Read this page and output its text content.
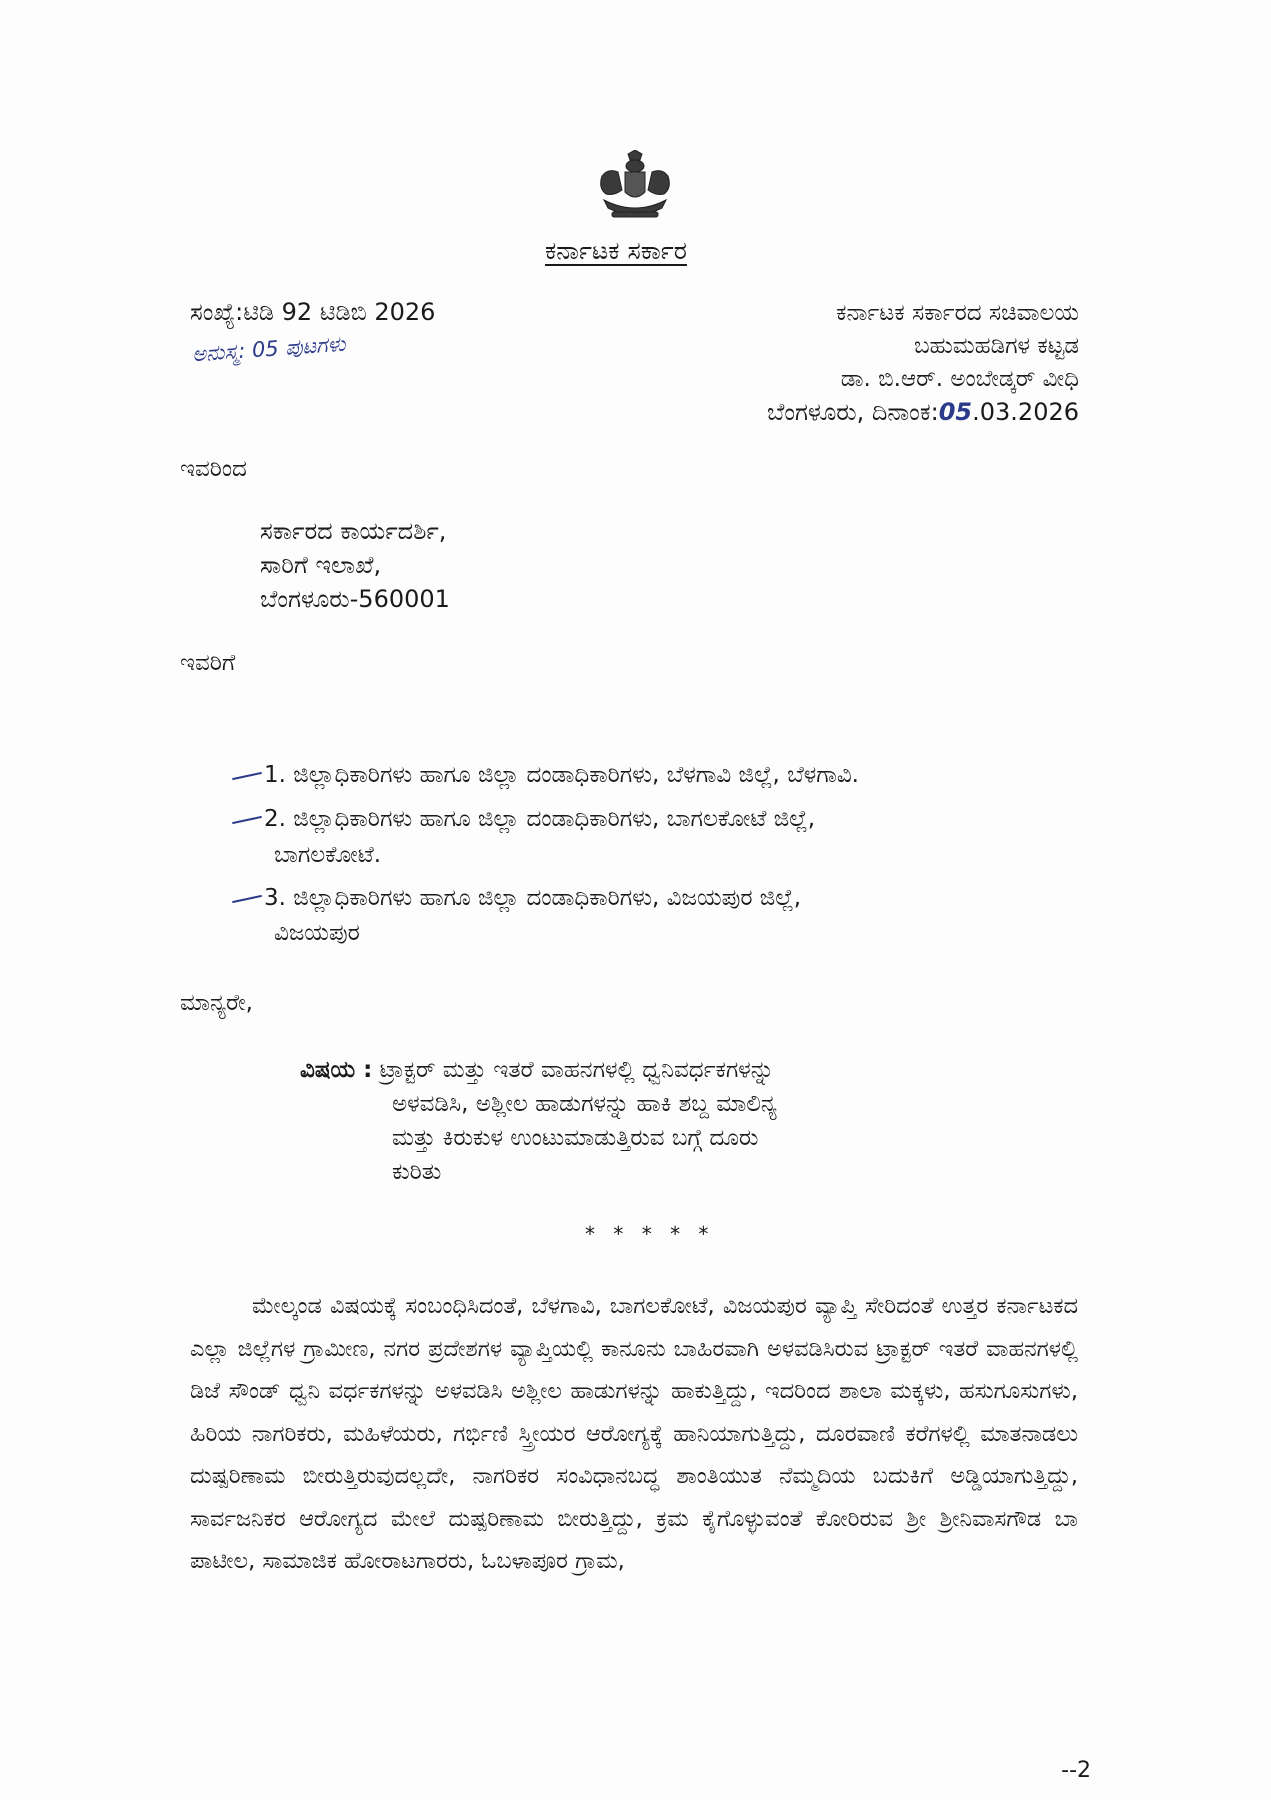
ಕರ್ನಾಟಕ ಸರ್ಕಾರ
ಸಂಖ್ಯೆ:ಟಿಡಿ 92 ಟಿಡಿಬಿ 2026
ಅನುಸ್ಮ: 05 ಪುಟಗಳು
ಕರ್ನಾಟಕ ಸರ್ಕಾರದ ಸಚಿವಾಲಯ
ಬಹುಮಹಡಿಗಳ ಕಟ್ಟಡ
ಡಾ. ಬಿ.ಆರ್. ಅಂಬೇಡ್ಕರ್ ವೀಧಿ
ಬೆಂಗಳೂರು, ದಿನಾಂಕ:05.03.2026
ಇವರಿಂದ
ಸರ್ಕಾರದ ಕಾರ್ಯದರ್ಶಿ,
ಸಾರಿಗೆ ಇಲಾಖೆ,
ಬೆಂಗಳೂರು-560001
ಇವರಿಗೆ
1. ಜಿಲ್ಲಾಧಿಕಾರಿಗಳು ಹಾಗೂ ಜಿಲ್ಲಾ ದಂಡಾಧಿಕಾರಿಗಳು, ಬೆಳಗಾವಿ ಜಿಲ್ಲೆ, ಬೆಳಗಾವಿ.
2. ಜಿಲ್ಲಾಧಿಕಾರಿಗಳು ಹಾಗೂ ಜಿಲ್ಲಾ ದಂಡಾಧಿಕಾರಿಗಳು, ಬಾಗಲಕೋಟೆ ಜಿಲ್ಲೆ,
ಬಾಗಲಕೋಟೆ.
3. ಜಿಲ್ಲಾಧಿಕಾರಿಗಳು ಹಾಗೂ ಜಿಲ್ಲಾ ದಂಡಾಧಿಕಾರಿಗಳು, ವಿಜಯಪುರ ಜಿಲ್ಲೆ,
ವಿಜಯಪುರ
ಮಾನ್ಯರೇ,
ವಿಷಯ : ಟ್ರಾಕ್ಟರ್ ಮತ್ತು ಇತರೆ ವಾಹನಗಳಲ್ಲಿ ಧ್ವನಿವರ್ಧಕಗಳನ್ನು
ಅಳವಡಿಸಿ, ಅಶ್ಲೀಲ ಹಾಡುಗಳನ್ನು ಹಾಕಿ ಶಬ್ದ ಮಾಲಿನ್ಯ
ಮತ್ತು ಕಿರುಕುಳ ಉಂಟುಮಾಡುತ್ತಿರುವ ಬಗ್ಗೆ ದೂರು
ಕುರಿತು
* * * * *
ಮೇಲ್ಕಂಡ ವಿಷಯಕ್ಕೆ ಸಂಬಂಧಿಸಿದಂತೆ, ಬೆಳಗಾವಿ, ಬಾಗಲಕೋಟೆ, ವಿಜಯಪುರ ವ್ಯಾಪ್ತಿ ಸೇರಿದಂತೆ ಉತ್ತರ ಕರ್ನಾಟಕದ ಎಲ್ಲಾ ಜಿಲ್ಲೆಗಳ ಗ್ರಾಮೀಣ, ನಗರ ಪ್ರದೇಶಗಳ ವ್ಯಾಪ್ತಿಯಲ್ಲಿ ಕಾನೂನು ಬಾಹಿರವಾಗಿ ಅಳವಡಿಸಿರುವ ಟ್ರಾಕ್ಟರ್ ಇತರೆ ವಾಹನಗಳಲ್ಲಿ ಡಿಜೆ ಸೌಂಡ್ ಧ್ವನಿ ವರ್ಧಕಗಳನ್ನು ಅಳವಡಿಸಿ ಅಶ್ಲೀಲ ಹಾಡುಗಳನ್ನು ಹಾಕುತ್ತಿದ್ದು, ಇದರಿಂದ ಶಾಲಾ ಮಕ್ಕಳು, ಹಸುಗೂಸುಗಳು, ಹಿರಿಯ ನಾಗರಿಕರು, ಮಹಿಳೆಯರು, ಗರ್ಭಿಣಿ ಸ್ತ್ರೀಯರ ಆರೋಗ್ಯಕ್ಕೆ ಹಾನಿಯಾಗುತ್ತಿದ್ದು, ದೂರವಾಣಿ ಕರೆಗಳಲ್ಲಿ ಮಾತನಾಡಲು ದುಷ್ಪರಿಣಾಮ ಬೀರುತ್ತಿರುವುದಲ್ಲದೇ, ನಾಗರಿಕರ ಸಂವಿಧಾನಬದ್ಧ ಶಾಂತಿಯುತ ನೆಮ್ಮದಿಯ ಬದುಕಿಗೆ ಅಡ್ಡಿಯಾಗುತ್ತಿದ್ದು, ಸಾರ್ವಜನಿಕರ ಆರೋಗ್ಯದ ಮೇಲೆ ದುಷ್ಪರಿಣಾಮ ಬೀರುತ್ತಿದ್ದು, ಕ್ರಮ ಕೈಗೊಳ್ಳುವಂತೆ ಕೋರಿರುವ ಶ್ರೀ ಶ್ರೀನಿವಾಸಗೌಡ ಬಾ ಪಾಟೀಲ, ಸಾಮಾಜಿಕ ಹೋರಾಟಗಾರರು, ಓಬಳಾಪೂರ ಗ್ರಾಮ,
--2
